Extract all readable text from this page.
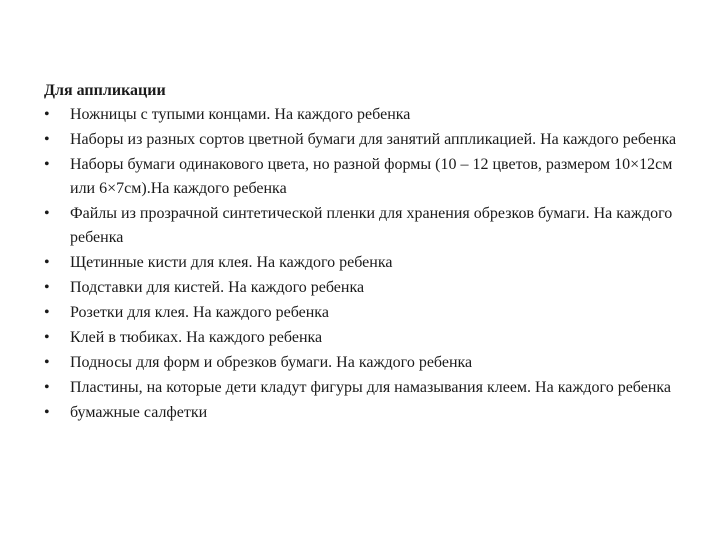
Для аппликации

•	Ножницы с тупыми концами. На каждого ребенка
•	Наборы из разных сортов цветной бумаги для занятий аппликацией. На каждого ребенка
•	Наборы бумаги одинакового цвета, но разной формы (10 – 12 цветов, размером 10×12см или 6×7см).На каждого ребенка
•	Файлы из прозрачной синтетической пленки для хранения обрезков бумаги. На каждого ребенка
•	Щетинные кисти для клея. На каждого ребенка
•	Подставки для кистей. На каждого ребенка
•	Розетки для клея. На каждого ребенка
•	Клей в тюбиках. На каждого ребенка
•	Подносы для форм и обрезков бумаги. На каждого ребенка
•	Пластины, на которые дети кладут фигуры для намазывания клеем. На каждого ребенка
•	бумажные салфетки
